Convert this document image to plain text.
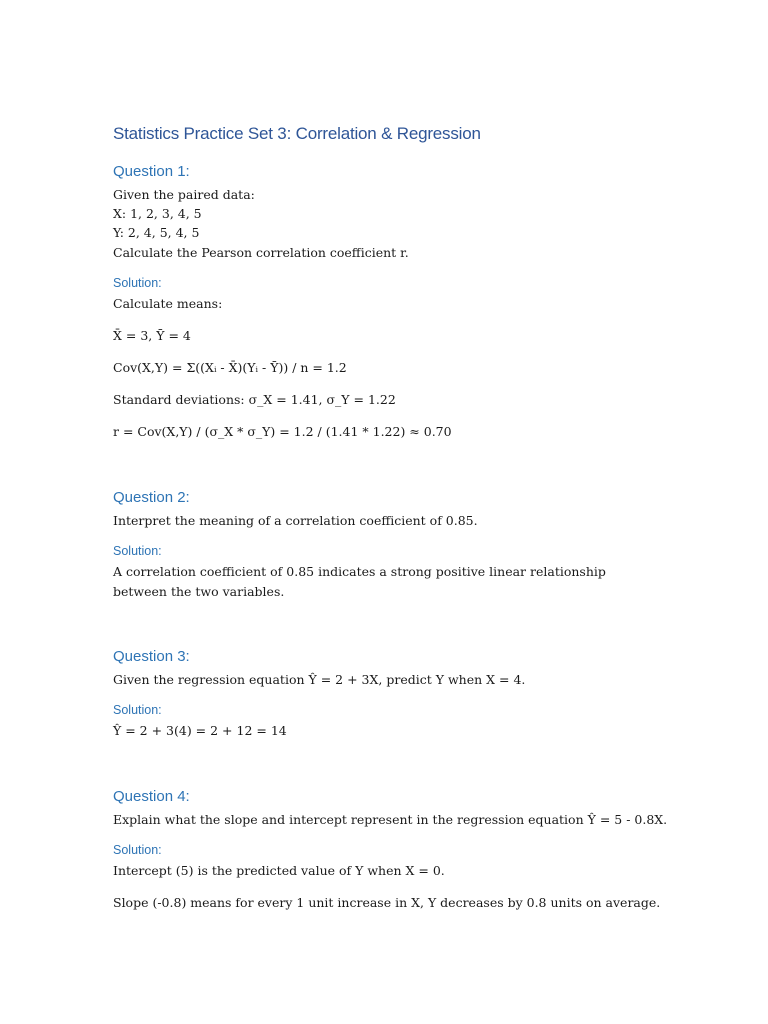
Statistics Practice Set 3: Correlation & Regression
Question 1:

Given the paired data:

X: 1, 2, 3, 4, 5

Y: 2, 4, 5, 4, 5

Calculate the Pearson correlation coefficient r.

Solution:

Calculate means:

X̄ = 3, Ȳ = 4

Cov(X,Y) = Σ((Xᵢ - X̄)(Yᵢ - Ȳ)) / n = 1.2

Standard deviations: σ_X = 1.41, σ_Y = 1.22

r = Cov(X,Y) / (σ_X * σ_Y) = 1.2 / (1.41 * 1.22) ≈ 0.70

Question 2:

Interpret the meaning of a correlation coefficient of 0.85.

Solution:

A correlation coefficient of 0.85 indicates a strong positive linear relationship between the two variables.

Question 3:

Given the regression equation Ŷ = 2 + 3X, predict Y when X = 4.

Solution:

Ŷ = 2 + 3(4) = 2 + 12 = 14

Question 4:

Explain what the slope and intercept represent in the regression equation Ŷ = 5 - 0.8X.

Solution:

Intercept (5) is the predicted value of Y when X = 0.

Slope (-0.8) means for every 1 unit increase in X, Y decreases by 0.8 units on average.
